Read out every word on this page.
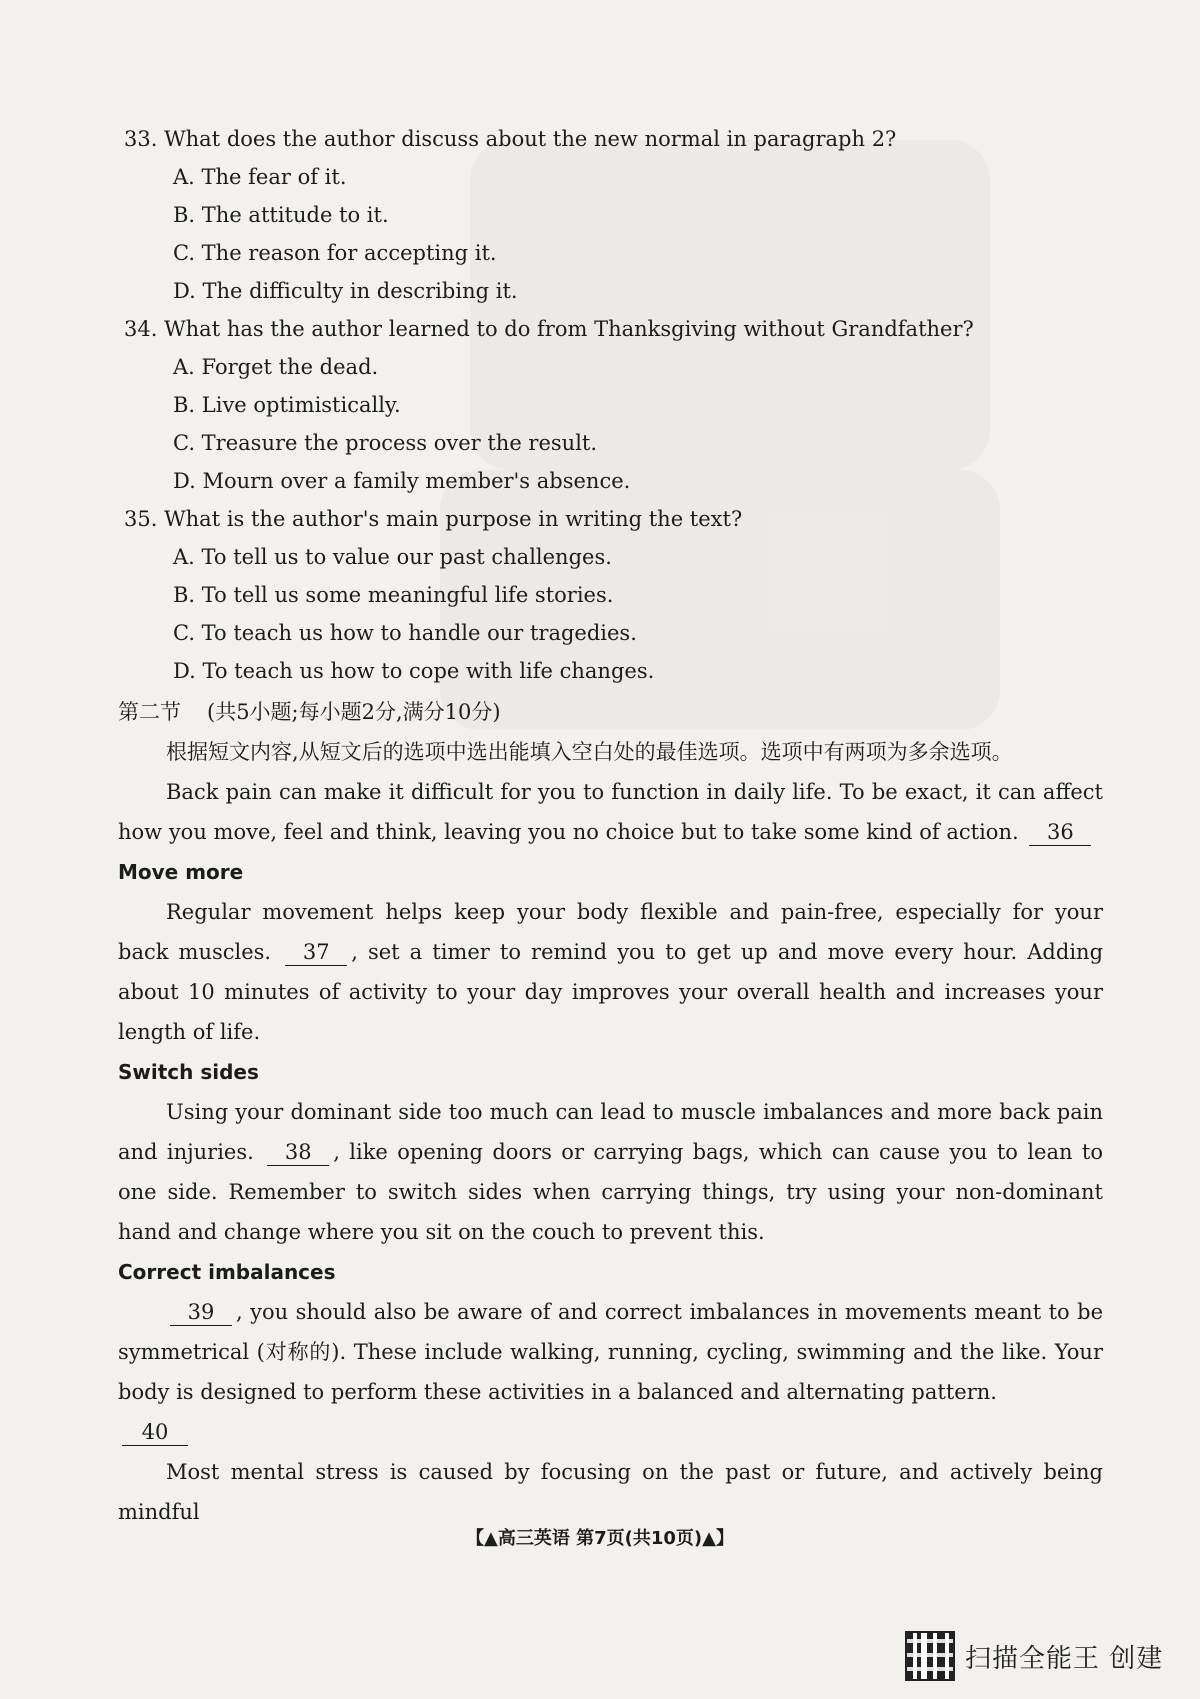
33. What does the author discuss about the new normal in paragraph 2?
A. The fear of it.
B. The attitude to it.
C. The reason for accepting it.
D. The difficulty in describing it.
34. What has the author learned to do from Thanksgiving without Grandfather?
A. Forget the dead.
B. Live optimistically.
C. Treasure the process over the result.
D. Mourn over a family member's absence.
35. What is the author's main purpose in writing the text?
A. To tell us to value our past challenges.
B. To tell us some meaningful life stories.
C. To teach us how to handle our tragedies.
D. To teach us how to cope with life changes.
第二节 (共5小题;每小题2分,满分10分)
根据短文内容,从短文后的选项中选出能填入空白处的最佳选项。选项中有两项为多余选项。

Back pain can make it difficult for you to function in daily life. To be exact, it can affect how you move, feel and think, leaving you no choice but to take some kind of action. 36

Move more

Regular movement helps keep your body flexible and pain-free, especially for your back muscles. 37 , set a timer to remind you to get up and move every hour. Adding about 10 minutes of activity to your day improves your overall health and increases your length of life.

Switch sides

Using your dominant side too much can lead to muscle imbalances and more back pain and injuries. 38 , like opening doors or carrying bags, which can cause you to lean to one side. Remember to switch sides when carrying things, try using your non-dominant hand and change where you sit on the couch to prevent this.

Correct imbalances

39 , you should also be aware of and correct imbalances in movements meant to be symmetrical (对称的). These include walking, running, cycling, swimming and the like. Your body is designed to perform these activities in a balanced and alternating pattern.

40

Most mental stress is caused by focusing on the past or future, and actively being mindful

【▲高三英语 第7页(共10页)▲】
扫描全能王 创建
